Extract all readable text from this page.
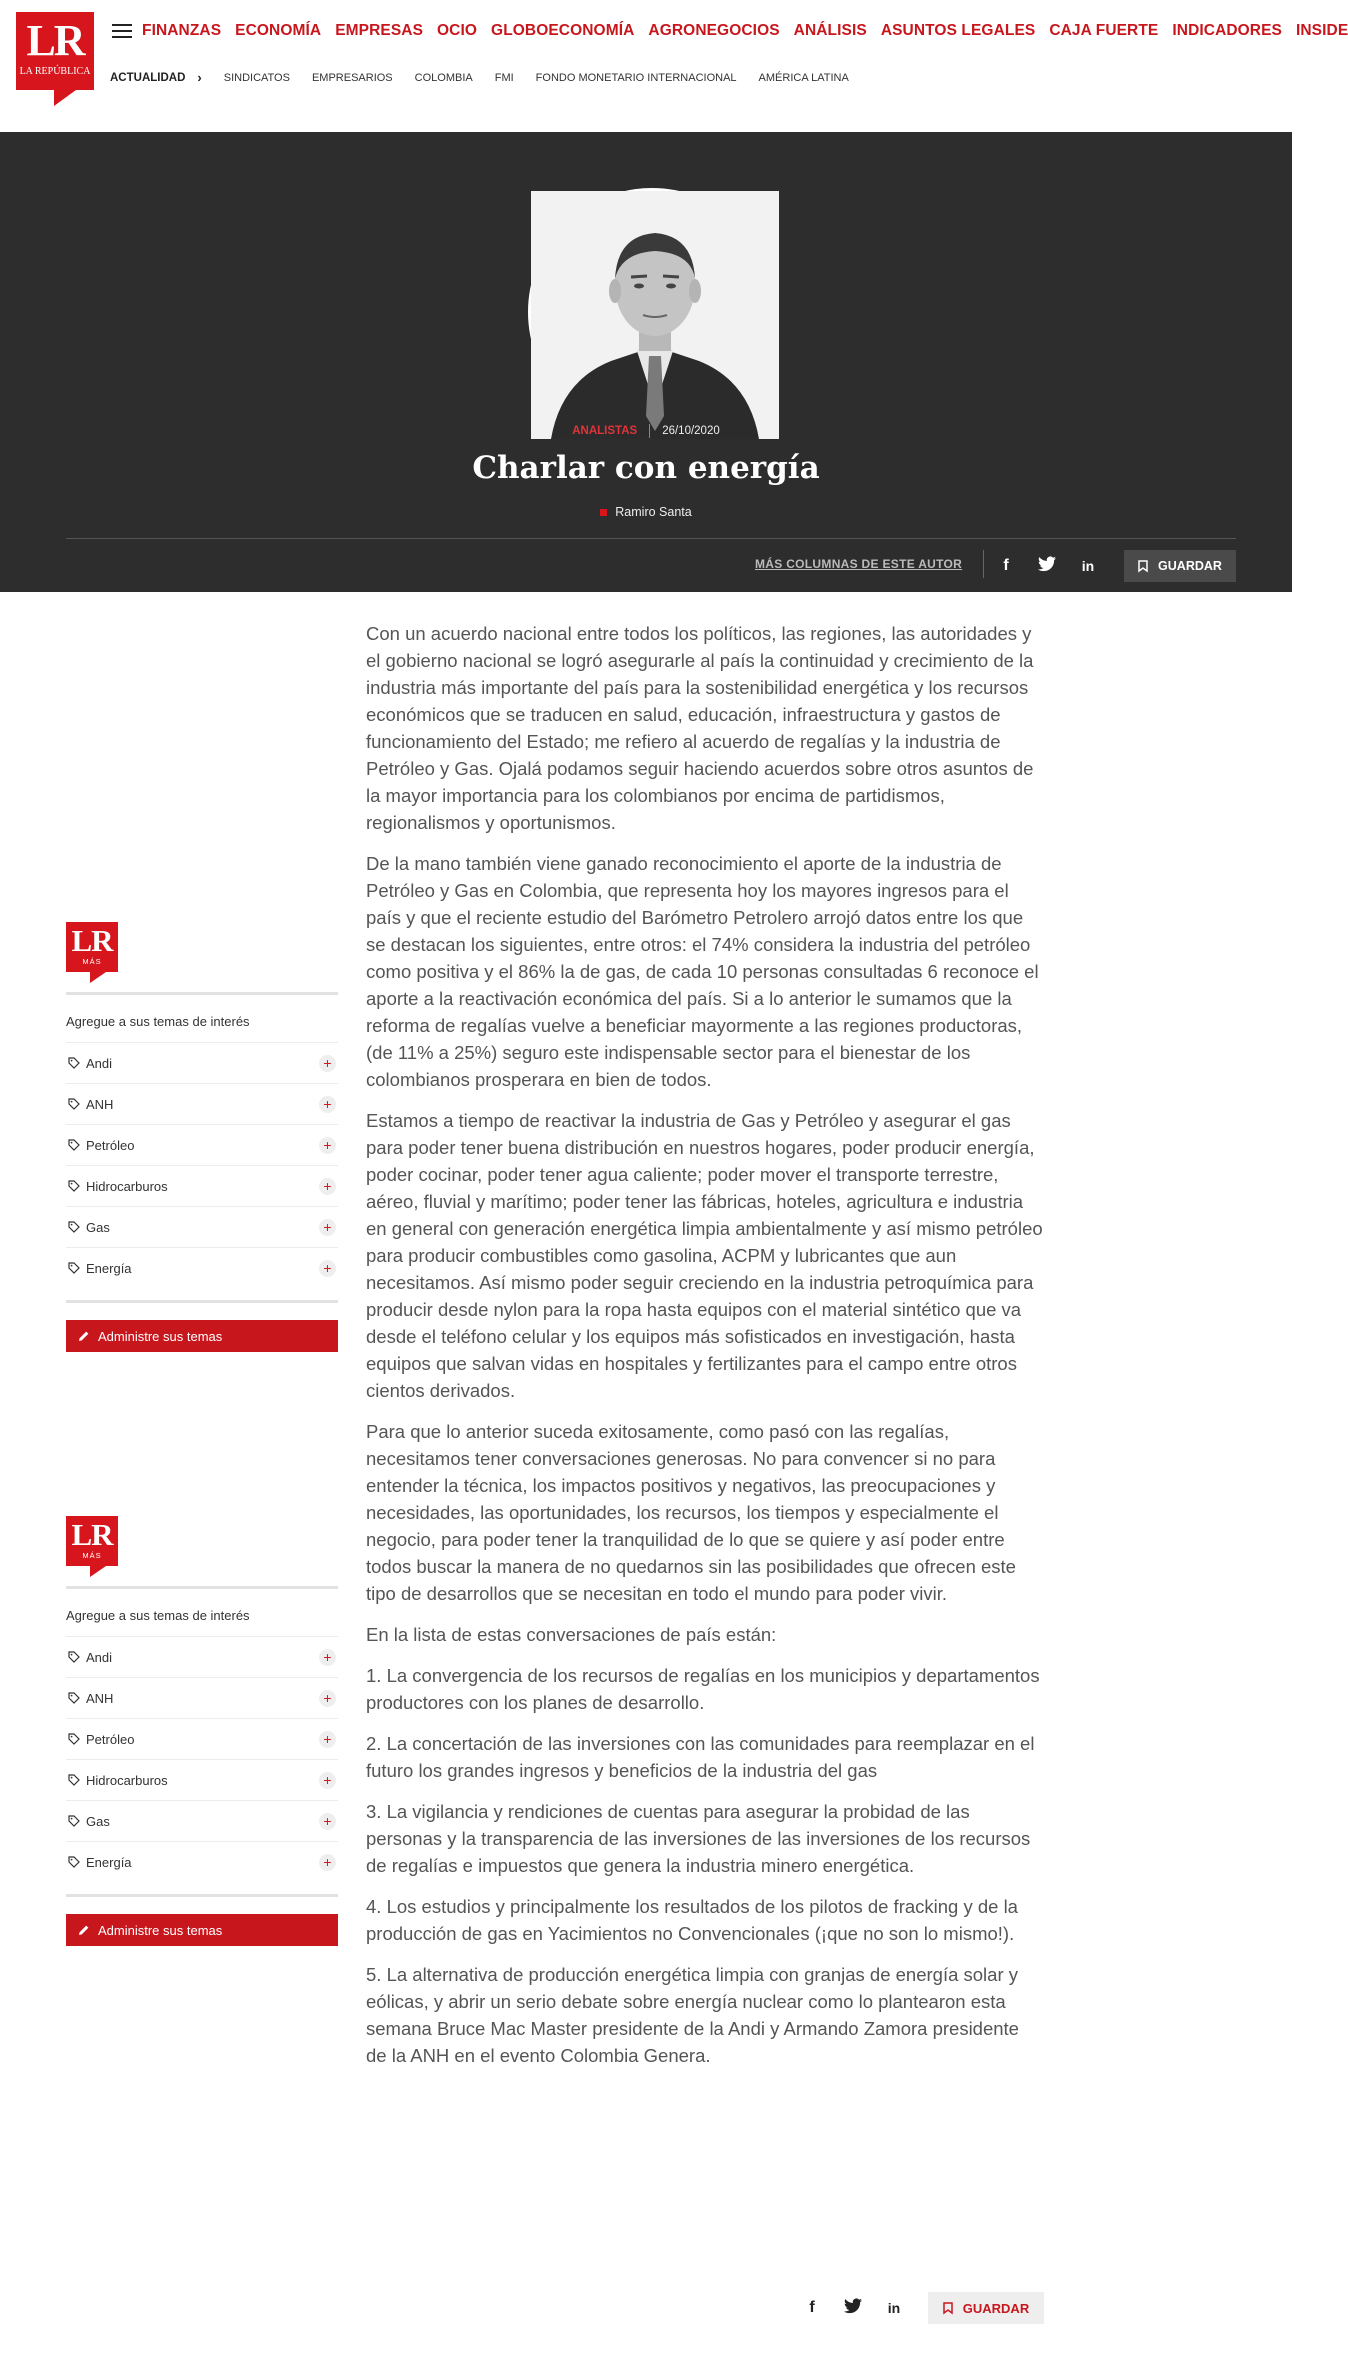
LR
LA REPÚBLICA
FINANZAS ECONOMÍA EMPRESAS OCIO GLOBOECONOMÍA AGRONEGOCIOS ANÁLISIS ASUNTOS LEGALES CAJA FUERTE INDICADORES INSIDE
ACTUALIDAD › SINDICATOS EMPRESARIOS COLOMBIA FMI FONDO MONETARIO INTERNACIONAL AMÉRICA LATINA
ANALISTAS 26/10/2020
Charlar con energía
Ramiro Santa
MÁS COLUMNAS DE ESTE AUTOR	f	in	GUARDAR

Con un acuerdo nacional entre todos los políticos, las regiones, las autoridades y el gobierno nacional se logró asegurarle al país la continuidad y crecimiento de la industria más importante del país para la sostenibilidad energética y los recursos económicos que se traducen en salud, educación, infraestructura y gastos de funcionamiento del Estado; me refiero al acuerdo de regalías y la industria de Petróleo y Gas. Ojalá podamos seguir haciendo acuerdos sobre otros asuntos de la mayor importancia para los colombianos por encima de partidismos, regionalismos y oportunismos.

De la mano también viene ganado reconocimiento el aporte de la industria de Petróleo y Gas en Colombia, que representa hoy los mayores ingresos para el país y que el reciente estudio del Barómetro Petrolero arrojó datos entre los que se destacan los siguientes, entre otros: el 74% considera la industria del petróleo como positiva y el 86% la de gas, de cada 10 personas consultadas 6 reconoce el aporte a la reactivación económica del país. Si a lo anterior le sumamos que la reforma de regalías vuelve a beneficiar mayormente a las regiones productoras, (de 11% a 25%) seguro este indispensable sector para el bienestar de los colombianos prosperara en bien de todos.

Estamos a tiempo de reactivar la industria de Gas y Petróleo y asegurar el gas para poder tener buena distribución en nuestros hogares, poder producir energía, poder cocinar, poder tener agua caliente; poder mover el transporte terrestre, aéreo, fluvial y marítimo; poder tener las fábricas, hoteles, agricultura e industria en general con generación energética limpia ambientalmente y así mismo petróleo para producir combustibles como gasolina, ACPM y lubricantes que aun necesitamos. Así mismo poder seguir creciendo en la industria petroquímica para producir desde nylon para la ropa hasta equipos con el material sintético que va desde el teléfono celular y los equipos más sofisticados en investigación, hasta equipos que salvan vidas en hospitales y fertilizantes para el campo entre otros cientos derivados.

Para que lo anterior suceda exitosamente, como pasó con las regalías, necesitamos tener conversaciones generosas. No para convencer si no para entender la técnica, los impactos positivos y negativos, las preocupaciones y necesidades, las oportunidades, los recursos, los tiempos y especialmente el negocio, para poder tener la tranquilidad de lo que se quiere y así poder entre todos buscar la manera de no quedarnos sin las posibilidades que ofrecen este tipo de desarrollos que se necesitan en todo el mundo para poder vivir.

En la lista de estas conversaciones de país están:

1. La convergencia de los recursos de regalías en los municipios y departamentos productores con los planes de desarrollo.

2. La concertación de las inversiones con las comunidades para reemplazar en el futuro los grandes ingresos y beneficios de la industria del gas

3. La vigilancia y rendiciones de cuentas para asegurar la probidad de las personas y la transparencia de las inversiones de las inversiones de los recursos de regalías e impuestos que genera la industria minero energética.

4. Los estudios y principalmente los resultados de los pilotos de fracking y de la producción de gas en Yacimientos no Convencionales (¡que no son lo mismo!).

5. La alternativa de producción energética limpia con granjas de energía solar y eólicas, y abrir un serio debate sobre energía nuclear como lo plantearon esta semana Bruce Mac Master presidente de la Andi y Armando Zamora presidente de la ANH en el evento Colombia Genera.

LR
MÁS
Agregue a sus temas de interés
Andi	+
ANH	+
Petróleo	+
Hidrocarburos	+
Gas	+
Energía	+
Administre sus temas
LR
MÁS
Agregue a sus temas de interés
Andi	+
ANH	+
Petróleo	+
Hidrocarburos	+
Gas	+
Energía	+
Administre sus temas
f	in	GUARDAR
